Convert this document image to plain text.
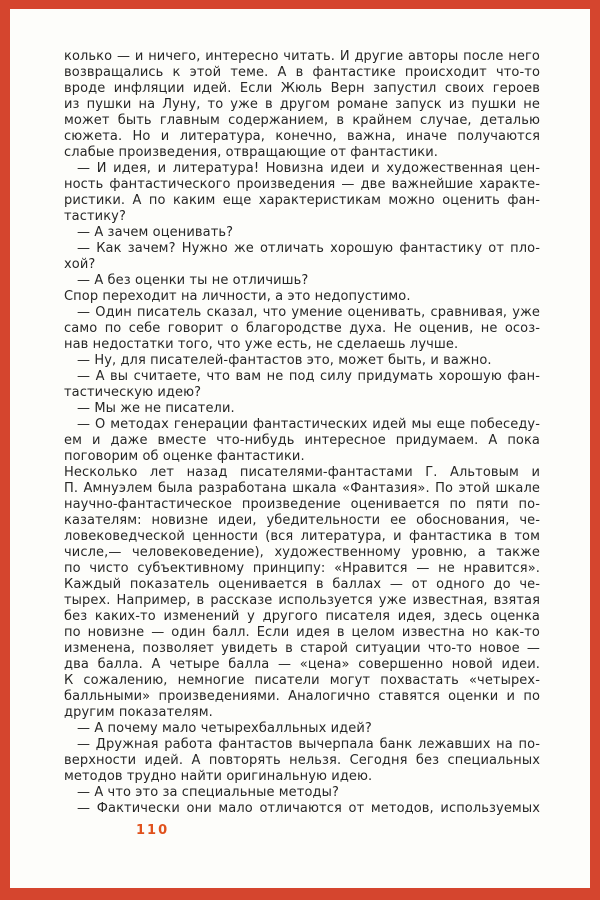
колько — и ничего, интересно читать. И другие авторы после него
возвращались к этой теме. А в фантастике происходит что-то
вроде инфляции идей. Если Жюль Верн запустил своих героев
из пушки на Луну, то уже в другом романе запуск из пушки не
может быть главным содержанием, в крайнем случае, деталью
сюжета. Но и литература, конечно, важна, иначе получаются
слабые произведения, отвращающие от фантастики.
— И идея, и литература! Новизна идеи и художественная цен-
ность фантастического произведения — две важнейшие характе-
ристики. А по каким еще характеристикам можно оценить фан-
тастику?
— А зачем оценивать?
— Как зачем? Нужно же отличать хорошую фантастику от пло-
хой?
— А без оценки ты не отличишь?
Спор переходит на личности, а это недопустимо.
— Один писатель сказал, что умение оценивать, сравнивая, уже
само по себе говорит о благородстве духа. Не оценив, не осоз-
нав недостатки того, что уже есть, не сделаешь лучше.
— Ну, для писателей-фантастов это, может быть, и важно.
— А вы считаете, что вам не под силу придумать хорошую фан-
тастическую идею?
— Мы же не писатели.
— О методах генерации фантастических идей мы еще побеседу-
ем и даже вместе что-нибудь интересное придумаем. А пока
поговорим об оценке фантастики.
Несколько лет назад писателями-фантастами Г. Альтовым и
П. Амнуэлем была разработана шкала «Фантазия». По этой шкале
научно-фантастическое произведение оценивается по пяти по-
казателям: новизне идеи, убедительности ее обоснования, че-
ловековедческой ценности (вся литература, и фантастика в том
числе,— человековедение), художественному уровню, а также
по чисто субъективному принципу: «Нравится — не нравится».
Каждый показатель оценивается в баллах — от одного до че-
тырех. Например, в рассказе используется уже известная, взятая
без каких-то изменений у другого писателя идея, здесь оценка
по новизне — один балл. Если идея в целом известна но как-то
изменена, позволяет увидеть в старой ситуации что-то новое —
два балла. А четыре балла — «цена» совершенно новой идеи.
К сожалению, немногие писатели могут похвастать «четырех-
балльными» произведениями. Аналогично ставятся оценки и по
другим показателям.
— А почему мало четырехбалльных идей?
— Дружная работа фантастов вычерпала банк лежавших на по-
верхности идей. А повторять нельзя. Сегодня без специальных
методов трудно найти оригинальную идею.
— А что это за специальные методы?
— Фактически они мало отличаются от методов, используемых
110
